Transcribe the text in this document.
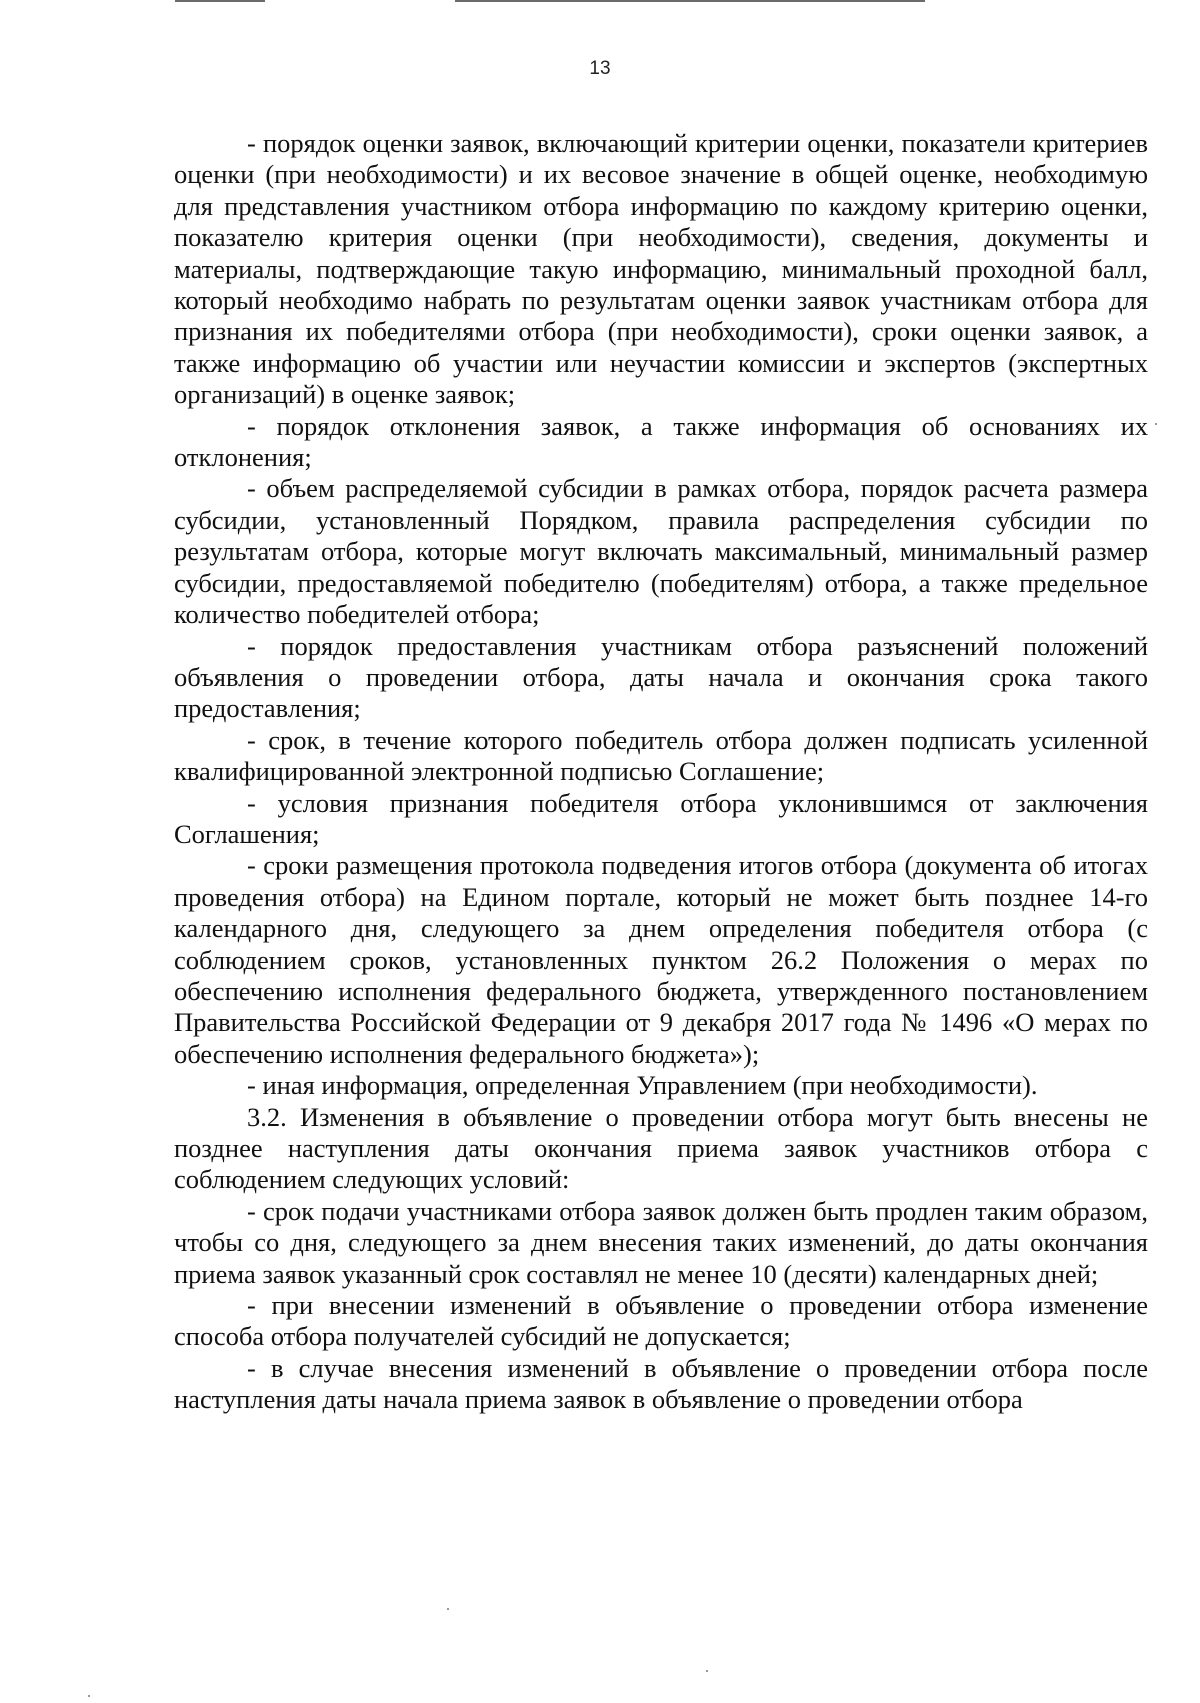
13

- порядок оценки заявок, включающий критерии оценки, показатели критериев оценки (при необходимости) и их весовое значение в общей оценке, необходимую для представления участником отбора информацию по каждому критерию оценки, показателю критерия оценки (при необходимости), сведения, документы и материалы, подтверждающие такую информацию, минимальный проходной балл, который необходимо набрать по результатам оценки заявок участникам отбора для признания их победителями отбора (при необходимости), сроки оценки заявок, а также информацию об участии или неучастии комиссии и экспертов (экспертных организаций) в оценке заявок;

- порядок отклонения заявок, а также информация об основаниях их отклонения;

- объем распределяемой субсидии в рамках отбора, порядок расчета размера субсидии, установленный Порядком, правила распределения субсидии по результатам отбора, которые могут включать максимальный, минимальный размер субсидии, предоставляемой победителю (победителям) отбора, а также предельное количество победителей отбора;

- порядок предоставления участникам отбора разъяснений положений объявления о проведении отбора, даты начала и окончания срока такого предоставления;

- срок, в течение которого победитель отбора должен подписать усиленной квалифицированной электронной подписью Соглашение;

- условия признания победителя отбора уклонившимся от заключения Соглашения;

- сроки размещения протокола подведения итогов отбора (документа об итогах проведения отбора) на Едином портале, который не может быть позднее 14-го календарного дня, следующего за днем определения победителя отбора (с соблюдением сроков, установленных пунктом 26.2 Положения о мерах по обеспечению исполнения федерального бюджета, утвержденного постановлением Правительства Российской Федерации от 9 декабря 2017 года № 1496 «О мерах по обеспечению исполнения федерального бюджета»);

- иная информация, определенная Управлением (при необходимости).

3.2. Изменения в объявление о проведении отбора могут быть внесены не позднее наступления даты окончания приема заявок участников отбора с соблюдением следующих условий:

- срок подачи участниками отбора заявок должен быть продлен таким образом, чтобы со дня, следующего за днем внесения таких изменений, до даты окончания приема заявок указанный срок составлял не менее 10 (десяти) календарных дней;

- при внесении изменений в объявление о проведении отбора изменение способа отбора получателей субсидий не допускается;

- в случае внесения изменений в объявление о проведении отбора после наступления даты начала приема заявок в объявление о проведении отбора
